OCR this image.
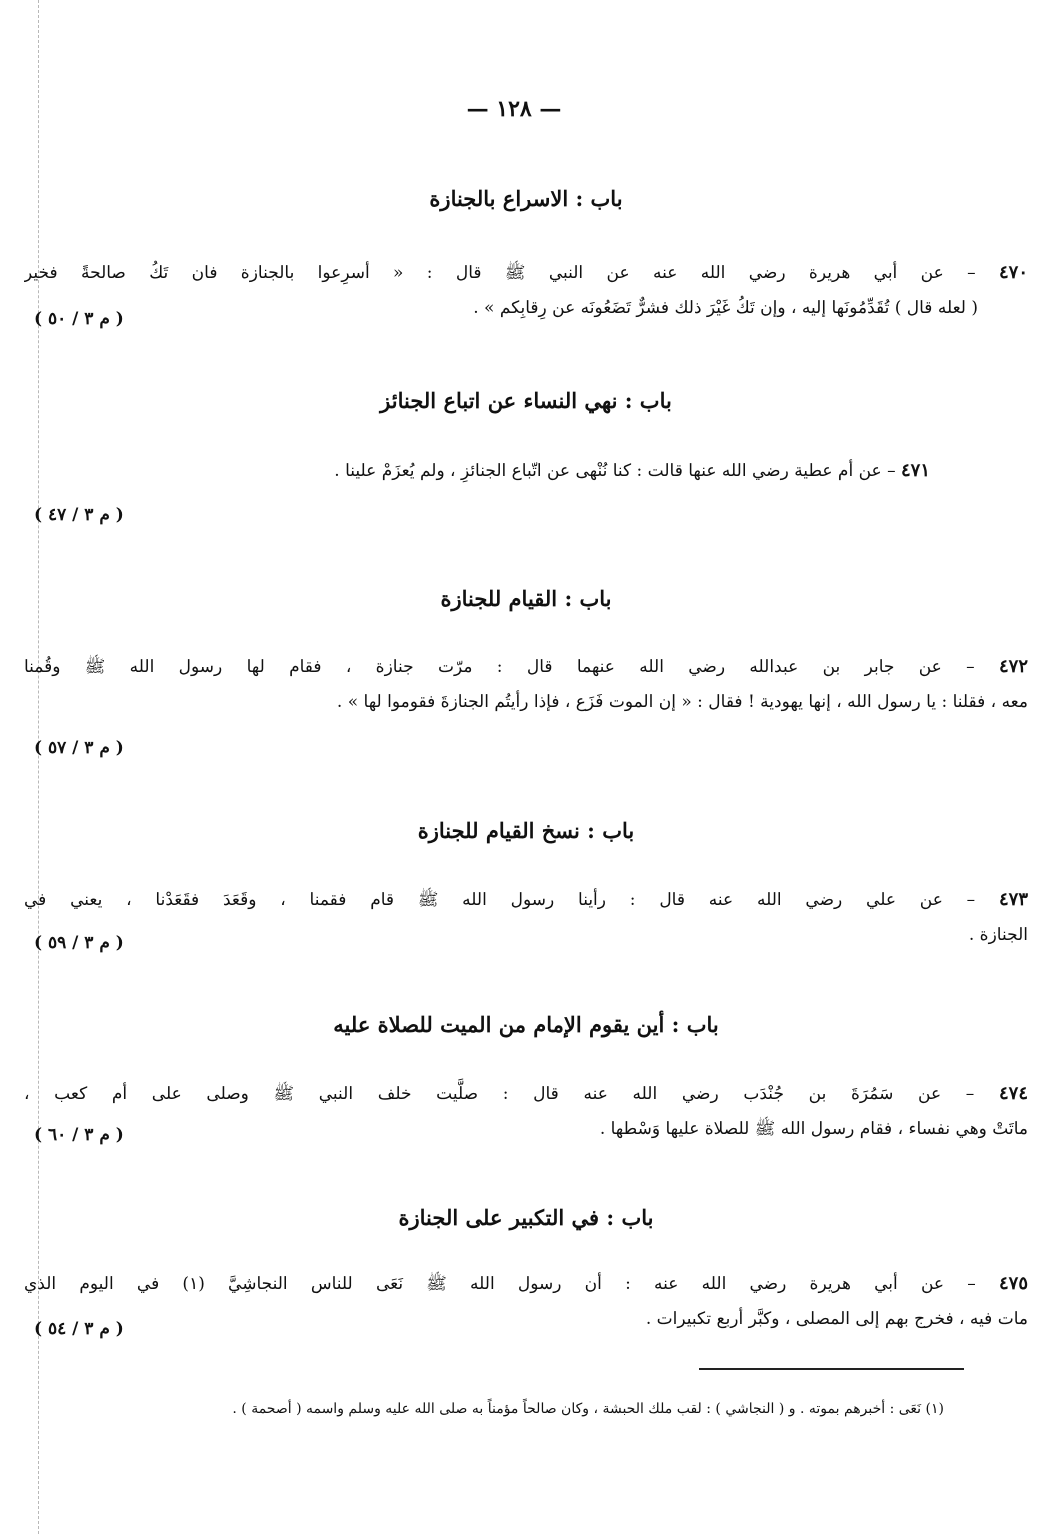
— ١٢٨ —
باب : الاسراع بالجنازة
٤٧٠ – عن أبي هريرة رضي الله عنه عن النبي ﷺ قال : « أسرِعوا بالجنازة فان تَكُ صالحةً فخير
( لعله قال ) تُقَدِّمُونَها إليه ، وإن تَكُ غَيْرَ ذلك فشرٌّ تَضَعُونَه عن رِقابِكم » .
( م ٣ / ٥٠ )
باب : نهي النساء عن اتباع الجنائز
٤٧١ – عن أم عطية رضي الله عنها قالت : كنا نُنْهى عن اتّباع الجنائزِ ، ولم يُعزَمْ علينا .
( م ٣ / ٤٧ )
باب : القيام للجنازة
٤٧٢ – عن جابر بن عبدالله رضي الله عنهما قال : مرّت جنازة ، فقام لها رسول الله ﷺ وقُمنا
معه ، فقلنا : يا رسول الله ، إنها يهودية ! فقال : « إن الموت فَزَع ، فإذا رأيتُم الجنازةَ فقوموا لها » .
( م ٣ / ٥٧ )
باب : نسخ القيام للجنازة
٤٧٣ – عن علي رضي الله عنه قال : رأينا رسول الله ﷺ قام فقمنا ، وقَعَدَ فقَعَدْنا ، يعني في
الجنازة .
( م ٣ / ٥٩ )
باب : أين يقوم الإمام من الميت للصلاة عليه
٤٧٤ – عن سَمُرَةَ بن جُنْدَب رضي الله عنه قال : صلَّيت خلف النبي ﷺ وصلى على أم كعب ،
ماتَتْ وهي نفساء ، فقام رسول الله ﷺ للصلاة عليها وَسْطها .
( م ٣ / ٦٠ )
باب : في التكبير على الجنازة
٤٧٥ – عن أبي هريرة رضي الله عنه : أن رسول الله ﷺ نَعَى للناس النجاشِيَّ (١) في اليوم الذي
مات فيه ، فخرج بهم إلى المصلى ، وكبَّر أربع تكبيرات .
( م ٣ / ٥٤ )
(١) نَعَى : أخبرهم بموته . و ( النجاشي ) : لقب ملك الحبشة ، وكان صالحاً مؤمناً به صلى الله عليه وسلم واسمه ( أصحمة ) .
